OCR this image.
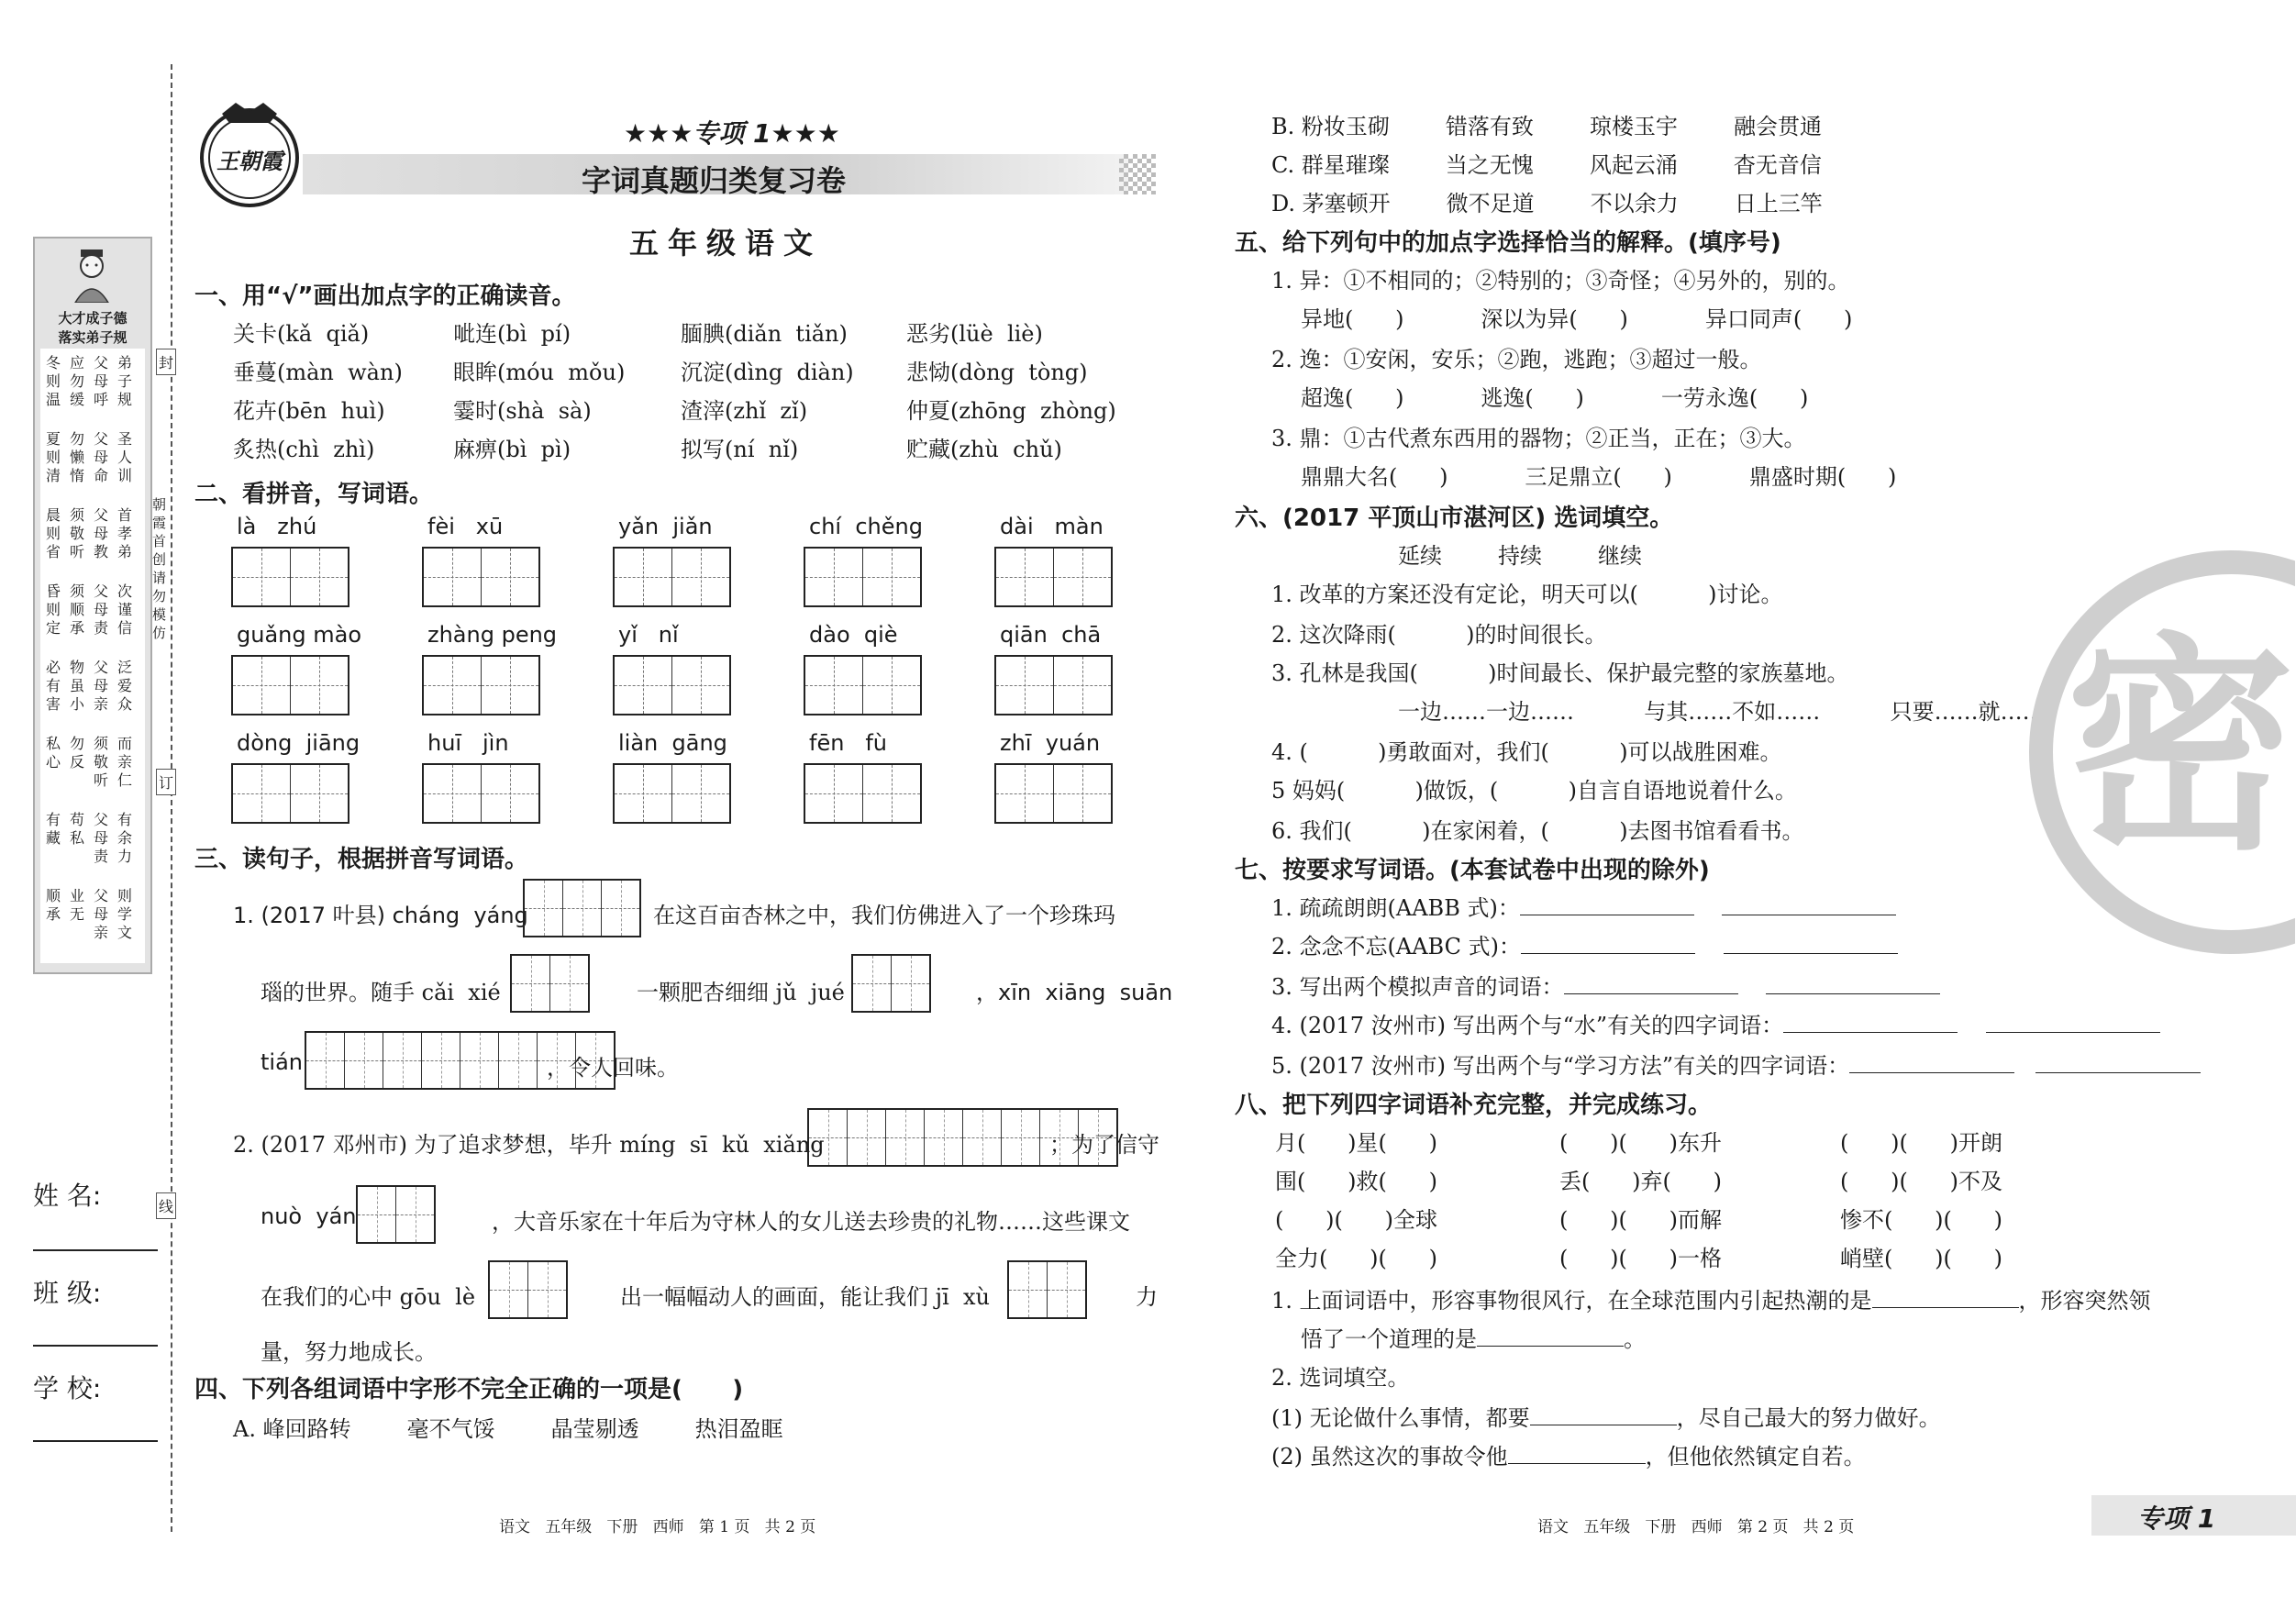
大才成子德
落实弟子规
弟子规
父母呼
应勿缓
冬则温
圣人训
父母命
勿懒惰
夏则清
首孝弟
父母教
须敬听
晨则省
次谨信
父母责
须顺承
昏则定
泛爱众
父母亲
物虽小
必有害
而亲仁
须敬听
勿反
私心
有余力
父母责
苟私
有藏
则学文
父母亲
业无
顺承
封
订
线
朝霞首创 请勿模仿
姓 名:
班 级:
学 校:
王朝霞
★★★专项 1★★★
字词真题归类复习卷
五年级语文
一、用“√”画出加点字的正确读音。
关卡(kǎ  qiǎ)	呲连(bì  pí)	腼腆(diǎn  tiǎn)	恶劣(lüè  liè)
垂蔓(màn  wàn) 眼眸(móu  mǒu)	沉淀(dìng  diàn) 悲恸(dòng  tòng)
花卉(bēn  huì)	霎时(shà  sà)	渣滓(zhǐ  zǐ)	仲夏(zhōng  zhòng)
炙热(chì  zhì)	麻痹(bì  pì)	拟写(ní  nǐ)	贮藏(zhù  chǔ)
二、看拼音，写词语。
là   zhú	fèi   xū	yǎn  jiǎn	chí  chěng	dài   màn
guǎng mào	zhàng peng	yǐ   nǐ	dào  qiè	qiān  chā
dòng  jiāng	huī   jìn	liàn  gāng	fēn   fù	zhī  yuán
三、读句子，根据拼音写词语。
1. (2017 叶县) cháng  yáng	在这百亩杏林之中，我们仿佛进入了一个珍珠玛
瑙的世界。随手 cǎi  xié	一颗肥杏细细 jǔ  jué	，xīn  xiāng  suān
tián	，令人回味。
2. (2017 邓州市) 为了追求梦想，毕升 míng  sī  kǔ  xiǎng	；为了信守
nuò  yán	，大音乐家在十年后为守林人的女儿送去珍贵的礼物……这些课文
在我们的心中 gōu  lè	出一幅幅动人的画面，能让我们 jī  xù	力
量，努力地成长。
四、下列各组词语中字形不完全正确的一项是(      )
A. 峰回路转        毫不气馁        晶莹剔透        热泪盈眶
B. 粉妆玉砌        错落有致        琼楼玉宇        融会贯通
C. 群星璀璨        当之无愧        风起云涌        杳无音信
D. 茅塞顿开        微不足道        不以余力        日上三竿
五、给下列句中的加点字选择恰当的解释。(填序号)
1. 异：①不相同的；②特别的；③奇怪；④另外的，别的。
异地(      )           深以为异(      )           异口同声(      )
2. 逸：①安闲，安乐；②跑，逃跑；③超过一般。
超逸(      )           逃逸(      )           一劳永逸(      )
3. 鼎：①古代煮东西用的器物；②正当，正在；③大。
鼎鼎大名(      )           三足鼎立(      )           鼎盛时期(      )
六、(2017 平顶山市湛河区) 选词填空。
延续        持续        继续
1. 改革的方案还没有定论，明天可以(          )讨论。
2. 这次降雨(          )的时间很长。
3. 孔林是我国(          )时间最长、保护最完整的家族墓地。
一边……一边……          与其……不如……          只要……就……
4. (          )勇敢面对，我们(          )可以战胜困难。
5 妈妈(          )做饭，(          )自言自语地说着什么。
6. 我们(          )在家闲着，(          )去图书馆看看书。
七、按要求写词语。(本套试卷中出现的除外)
1. 疏疏朗朗(AABB 式)：
2. 念念不忘(AABC 式)：
3. 写出两个模拟声音的词语：
4. (2017 汝州市) 写出两个与“水”有关的四字词语：
5. (2017 汝州市) 写出两个与“学习方法”有关的四字词语：
八、把下列四字词语补充完整，并完成练习。
月(      )星(      )	(      )(      )东升	(      )(      )开朗
围(      )救(      )	丢(      )弃(      )	(      )(      )不及
(      )(      )全球	(      )(      )而解	惨不(      )(      )
全力(      )(      )	(      )(      )一格	峭壁(      )(      )
1. 上面词语中，形容事物很风行，在全球范围内引起热潮的是	，形容突然领
悟了一个道理的是	。
2. 选词填空。
(1) 无论做什么事情，都要	，尽自己最大的努力做好。
(2) 虽然这次的事故令他	，但他依然镇定自若。
密
语文   五年级   下册   西师   第 1 页   共 2 页	语文   五年级   下册   西师   第 2 页   共 2 页	专项 1
